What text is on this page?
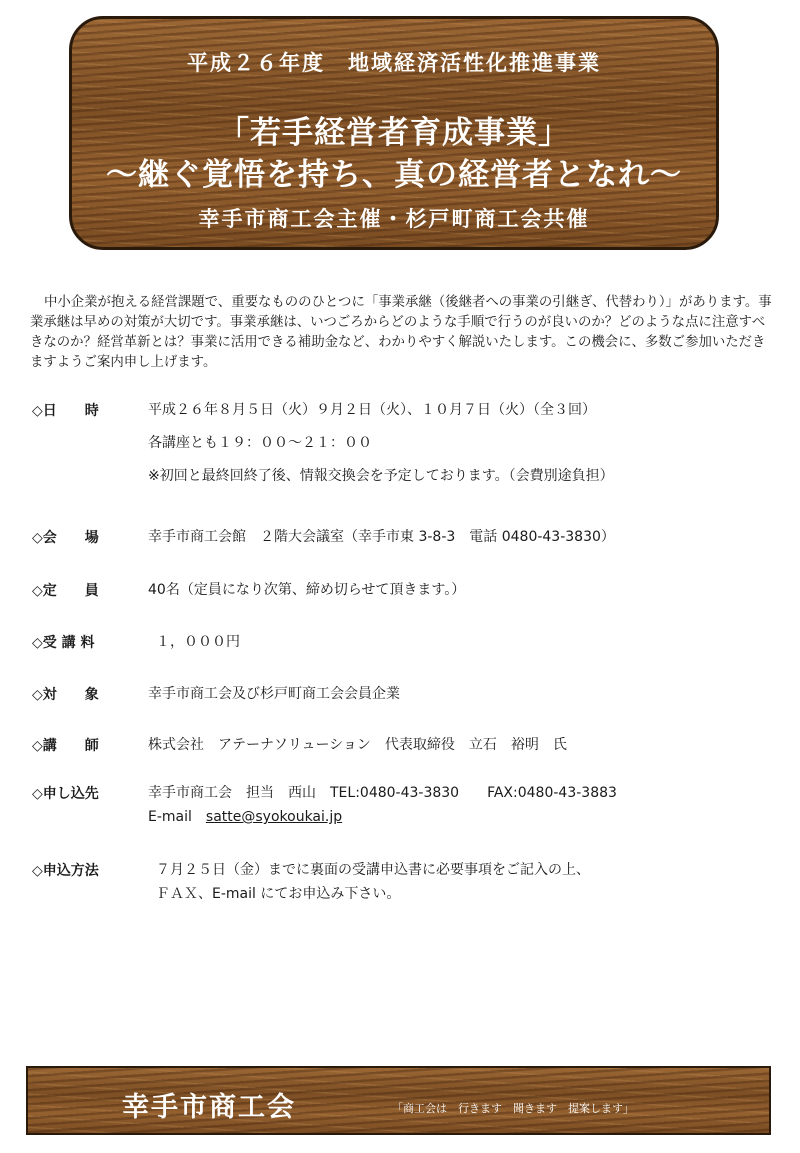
平成２６年度　地域経済活性化推進事業
「若手経営者育成事業」
～継ぐ覚悟を持ち、真の経営者となれ～
幸手市商工会主催・杉戸町商工会共催
中小企業が抱える経営課題で、重要なもののひとつに「事業承継（後継者への事業の引継ぎ、代替わり）」があります。事業承継は早めの対策が大切です。事業承継は、いつごろからどのような手順で行うのが良いのか？どのような点に注意すべきなのか？経営革新とは？事業に活用できる補助金など、わかりやすく解説いたします。この機会に、多数ご参加いただきますようご案内申し上げます。
◇日　　時	平成２６年８月５日（火）９月２日（火）、１０月７日（火）（全３回）
各講座とも１９：００～２１：００
※初回と最終回終了後、情報交換会を予定しております。（会費別途負担）
◇会　　場	幸手市商工会館　２階大会議室（幸手市東 3-8-3　電話 0480-43-3830）
◇定　　員	40名（定員になり次第、締め切らせて頂きます。）
◇受 講 料	１，０００円
◇対　　象	幸手市商工会及び杉戸町商工会会員企業
◇講　　師	株式会社　アテーナソリューション　代表取締役　立石　裕明　氏
◇申し込先	幸手市商工会　担当　西山　TEL:0480-43-3830　　FAX:0480-43-3883
E-mail satte@syokoukai.jp
◇申込方法	７月２５日（金）までに裏面の受講申込書に必要事項をご記入の上、
ＦＡＸ、E-mail にてお申込み下さい。
幸手市商工会	「商工会は　行きます　聞きます　提案します」
